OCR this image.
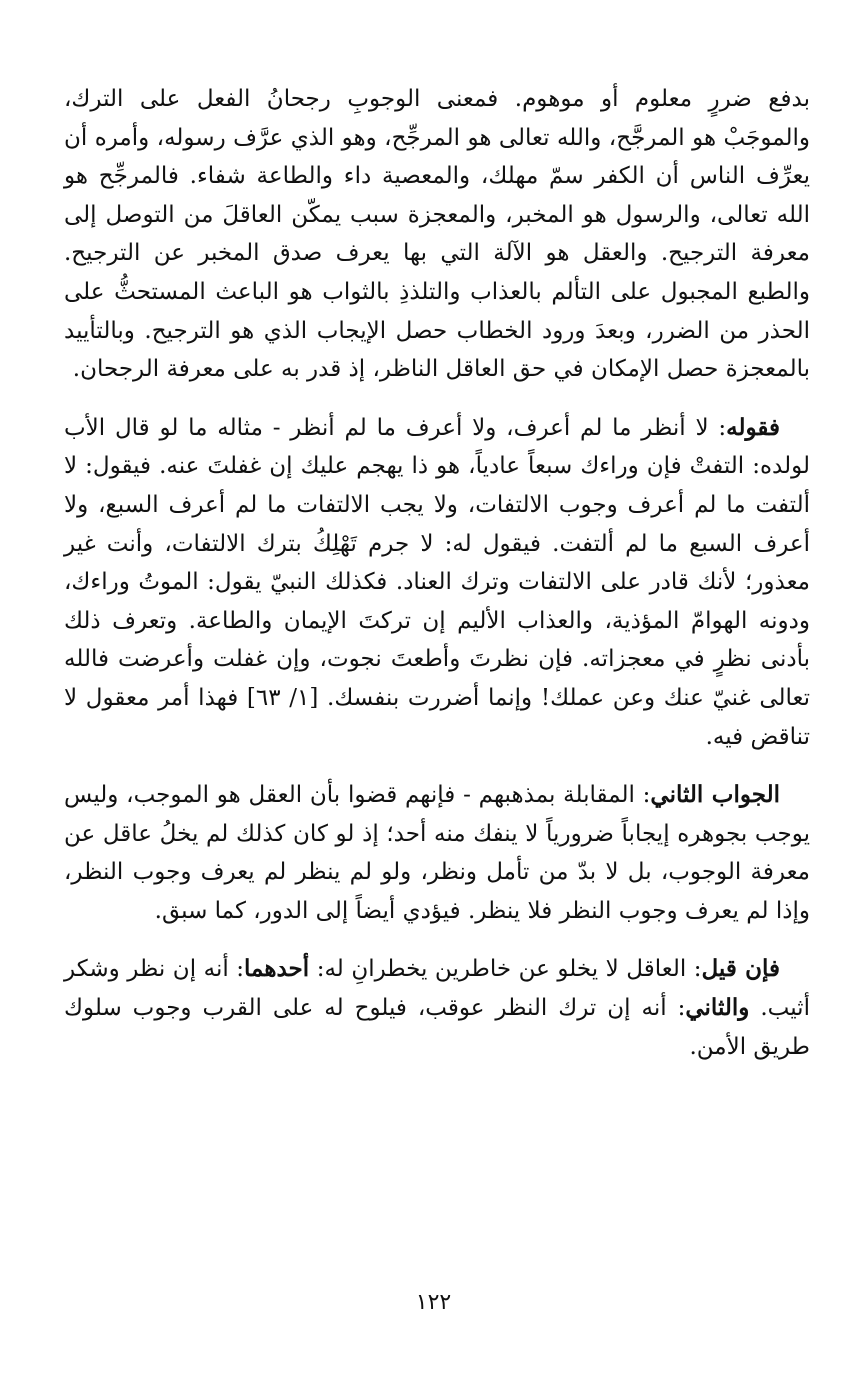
بدفع ضررٍ معلوم أو موهوم. فمعنى الوجوبِ رجحانُ الفعل على الترك، والموجَبْ هو المرجَّح، والله تعالى هو المرجِّح، وهو الذي عرَّف رسوله، وأمره أن يعرِّف الناس أن الكفر سمّ مهلك، والمعصية داء والطاعة شفاء. فالمرجِّح هو الله تعالى، والرسول هو المخبر، والمعجزة سبب يمكّن العاقلَ من التوصل إلى معرفة الترجيح. والعقل هو الآلة التي بها يعرف صدق المخبر عن الترجيح. والطبع المجبول على التألم بالعذاب والتلذذِ بالثواب هو الباعث المستحثُّ على الحذر من الضرر، وبعدَ ورود الخطاب حصل الإيجاب الذي هو الترجيح. وبالتأييد بالمعجزة حصل الإمكان في حق العاقل الناظر، إذ قدر به على معرفة الرجحان.

فقوله: لا أنظر ما لم أعرف، ولا أعرف ما لم أنظر - مثاله ما لو قال الأب لولده: التفتْ فإن وراءك سبعاً عادياً، هو ذا يهجم عليك إن غفلتَ عنه. فيقول: لا ألتفت ما لم أعرف وجوب الالتفات، ولا يجب الالتفات ما لم أعرف السبع، ولا أعرف السبع ما لم ألتفت. فيقول له: لا جرم تَهْلِكُ بترك الالتفات، وأنت غير معذور؛ لأنك قادر على الالتفات وترك العناد. فكذلك النبيّ يقول: الموتُ وراءك، ودونه الهوامّ المؤذية، والعذاب الأليم إن تركتَ الإيمان والطاعة. وتعرف ذلك بأدنى نظرٍ في معجزاته. فإن نظرتَ وأطعتَ نجوت، وإن غفلت وأعرضت فالله تعالى غنيّ عنك وعن عملك! وإنما أضررت بنفسك. [١/ ٦٣] فهذا أمر معقول لا تناقض فيه.

الجواب الثاني: المقابلة بمذهبهم - فإنهم قضوا بأن العقل هو الموجب، وليس يوجب بجوهره إيجاباً ضرورياً لا ينفك منه أحد؛ إذ لو كان كذلك لم يخلُ عاقل عن معرفة الوجوب، بل لا بدّ من تأمل ونظر، ولو لم ينظر لم يعرف وجوب النظر، وإذا لم يعرف وجوب النظر فلا ينظر. فيؤدي أيضاً إلى الدور، كما سبق.

فإن قيل: العاقل لا يخلو عن خاطرين يخطرانِ له: أحدهما: أنه إن نظر وشكر أثيب. والثاني: أنه إن ترك النظر عوقب، فيلوح له على القرب وجوب سلوك طريق الأمن.

١٢٢
